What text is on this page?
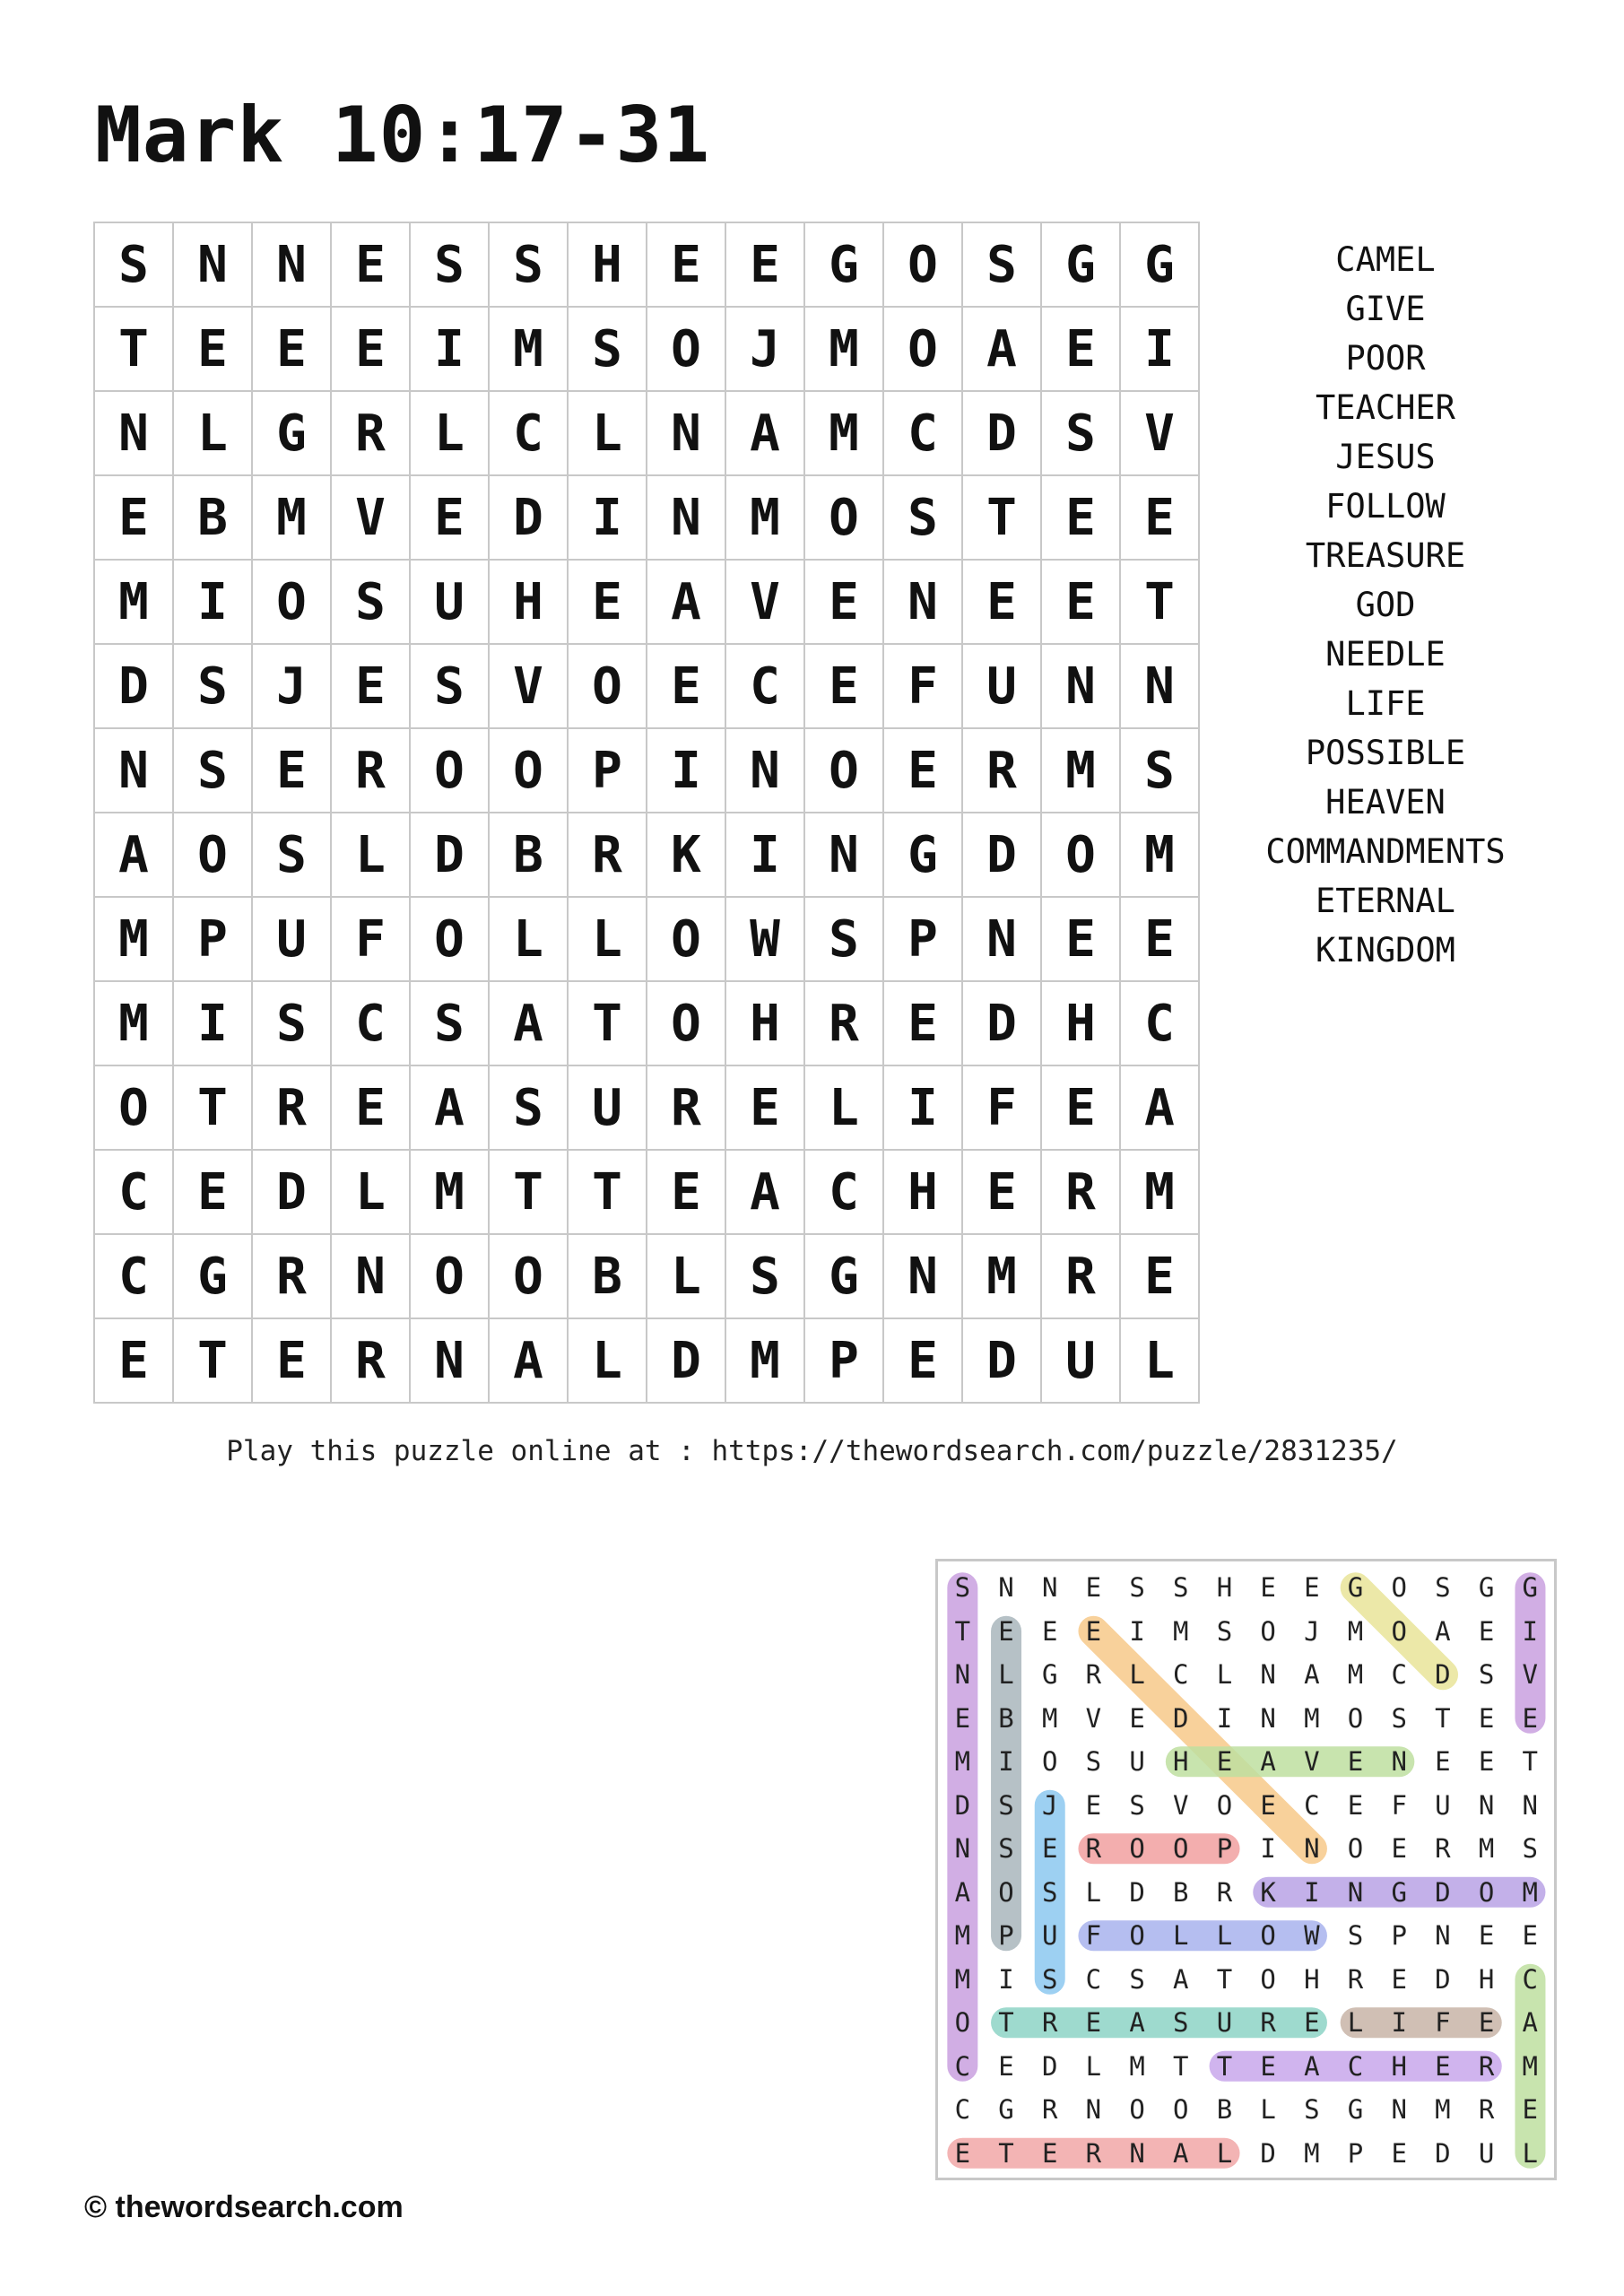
Mark 10:17-31
S N N E S S H E E G O S G G
T E E E I M S O J M O A E I
N L G R L C L N A M C D S V
E B M V E D I N M O S T E E
M I O S U H E A V E N E E T
D S J E S V O E C E F U N N
N S E R O O P I N O E R M S
A O S L D B R K I N G D O M
M P U F O L L O W S P N E E
M I S C S A T O H R E D H C
O T R E A S U R E L I F E A
C E D L M T T E A C H E R M
C G R N O O B L S G N M R E
E T E R N A L D M P E D U L
CAMEL
GIVE
POOR
TEACHER
JESUS
FOLLOW
TREASURE
GOD
NEEDLE
LIFE
POSSIBLE
HEAVEN
COMMANDMENTS
ETERNAL
KINGDOM
Play this puzzle online at : https://thewordsearch.com/puzzle/2831235/
S	N	N	E	S	S	H	E	E	G	O	S	G	G
T	E	E	E	I	M	S	O	J	M	O	A	E	I
N	L	G	R	L	C	L	N	A	M	C	D	S	V
E	B	M	V	E	D	I	N	M	O	S	T	E	E
M	I	O	S	U	H	E	A	V	E	N	E	E	T
D	S	J	E	S	V	O	E	C	E	F	U	N	N
N	S	E	R	O	O	P	I	N	O	E	R	M	S
A	O	S	L	D	B	R	K	I	N	G	D	O	M
M	P	U	F	O	L	L	O	W	S	P	N	E	E
M	I	S	C	S	A	T	O	H	R	E	D	H	C
O	T	R	E	A	S	U	R	E	L	I	F	E	A
C	E	D	L	M	T	T	E	A	C	H	E	R	M
C	G	R	N	O	O	B	L	S	G	N	M	R	E
E	T	E	R	N	A	L	D	M	P	E	D	U	L
© thewordsearch.com
